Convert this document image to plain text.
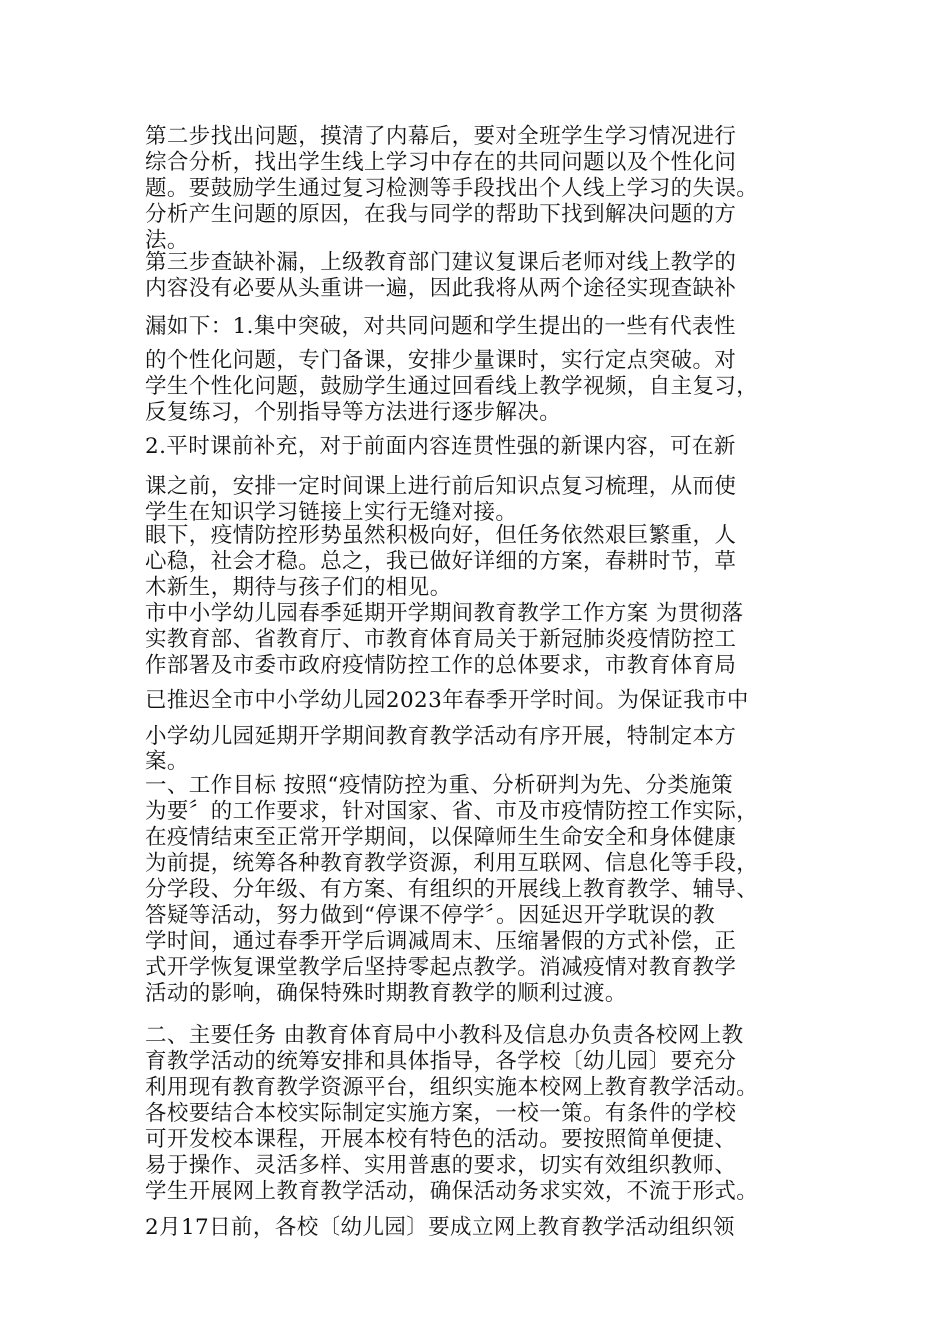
第二步找出问题，摸清了内幕后，要对全班学生学习情况进行
综合分析，找出学生线上学习中存在的共同问题以及个性化问
题。要鼓励学生通过复习检测等手段找出个人线上学习的失误。
分析产生问题的原因，在我与同学的帮助下找到解决问题的方
法。
第三步查缺补漏，上级教育部门建议复课后老师对线上教学的
内容没有必要从头重讲一遍，因此我将从两个途径实现查缺补
漏如下：1.集中突破，对共同问题和学生提出的一些有代表性
的个性化问题，专门备课，安排少量课时，实行定点突破。对
学生个性化问题，鼓励学生通过回看线上教学视频，自主复习，
反复练习，个别指导等方法进行逐步解决。
2.平时课前补充，对于前面内容连贯性强的新课内容，可在新
课之前，安排一定时间课上进行前后知识点复习梳理，从而使
学生在知识学习链接上实行无缝对接。
眼下，疫情防控形势虽然积极向好，但任务依然艰巨繁重，人
心稳，社会才稳。总之，我已做好详细的方案，春耕时节，草
木新生，期待与孩子们的相见。
市中小学幼儿园春季延期开学期间教育教学工作方案 为贯彻落
实教育部、省教育厅、市教育体育局关于新冠肺炎疫情防控工
作部署及市委市政府疫情防控工作的总体要求，市教育体育局
已推迟全市中小学幼儿园2023年春季开学时间。为保证我市中
小学幼儿园延期开学期间教育教学活动有序开展，特制定本方
案。
一、工作目标 按照“疫情防控为重、分析研判为先、分类施策
为要〞的工作要求，针对国家、省、市及市疫情防控工作实际，
在疫情结束至正常开学期间，以保障师生生命安全和身体健康
为前提，统筹各种教育教学资源，利用互联网、信息化等手段，
分学段、分年级、有方案、有组织的开展线上教育教学、辅导、
答疑等活动，努力做到“停课不停学〞。因延迟开学耽误的教
学时间，通过春季开学后调减周末、压缩暑假的方式补偿，正
式开学恢复课堂教学后坚持零起点教学。消减疫情对教育教学
活动的影响，确保特殊时期教育教学的顺利过渡。
二、主要任务 由教育体育局中小教科及信息办负责各校网上教
育教学活动的统筹安排和具体指导，各学校〔幼儿园〕要充分
利用现有教育教学资源平台，组织实施本校网上教育教学活动。
各校要结合本校实际制定实施方案，一校一策。有条件的学校
可开发校本课程，开展本校有特色的活动。要按照简单便捷、
易于操作、灵活多样、实用普惠的要求，切实有效组织教师、
学生开展网上教育教学活动，确保活动务求实效，不流于形式。
2月17日前，各校〔幼儿园〕要成立网上教育教学活动组织领
